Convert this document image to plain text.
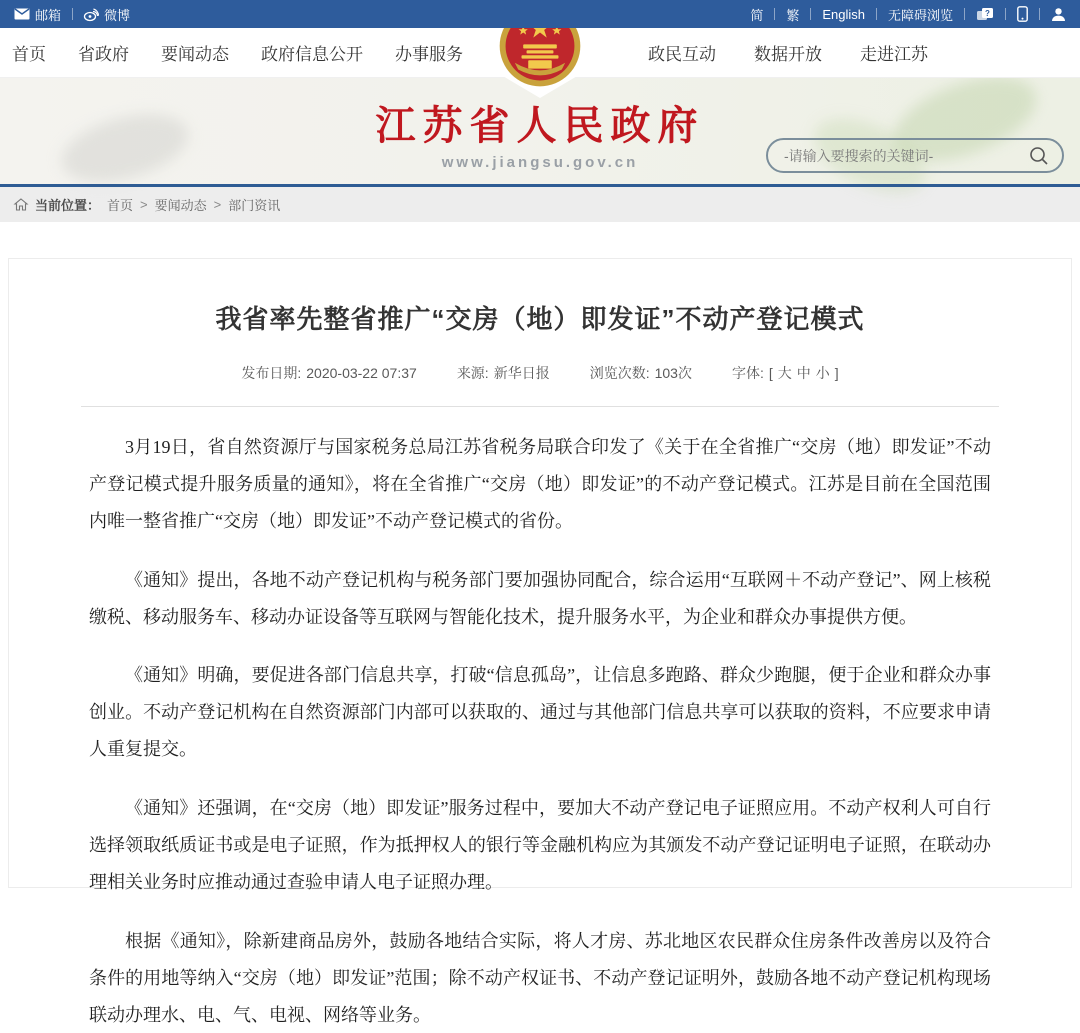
邮箱	微博	简 繁 English 无障碍浏览	?
首页 省政府 要闻动态 政府信息公开 办事服务	政民互动 数据开放 走进江苏
江苏省人民政府
www.jiangsu.gov.cn
-请输入要搜索的关键词-
当前位置： 首页 > 要闻动态 > 部门资讯
我省率先整省推广“交房（地）即发证”不动产登记模式
发布日期: 2020-03-22 07:37	来源: 新华日报	浏览次数: 103次	字体: [ 大 中 小 ]

3月19日，省自然资源厅与国家税务总局江苏省税务局联合印发了《关于在全省推广“交房（地）即发证”不动产登记模式提升服务质量的通知》，将在全省推广“交房（地）即发证”的不动产登记模式。江苏是目前在全国范围内唯一整省推广“交房（地）即发证”不动产登记模式的省份。

《通知》提出，各地不动产登记机构与税务部门要加强协同配合，综合运用“互联网＋不动产登记”、网上核税缴税、移动服务车、移动办证设备等互联网与智能化技术，提升服务水平，为企业和群众办事提供方便。

《通知》明确，要促进各部门信息共享，打破“信息孤岛”，让信息多跑路、群众少跑腿，便于企业和群众办事创业。不动产登记机构在自然资源部门内部可以获取的、通过与其他部门信息共享可以获取的资料，不应要求申请人重复提交。

《通知》还强调，在“交房（地）即发证”服务过程中，要加大不动产登记电子证照应用。不动产权利人可自行选择领取纸质证书或是电子证照，作为抵押权人的银行等金融机构应为其颁发不动产登记证明电子证照，在联动办理相关业务时应推动通过查验申请人电子证照办理。

根据《通知》，除新建商品房外，鼓励各地结合实际，将人才房、苏北地区农民群众住房条件改善房以及符合条件的用地等纳入“交房（地）即发证”范围；除不动产权证书、不动产登记证明外，鼓励各地不动产登记机构现场联动办理水、电、气、电视、网络等业务。
